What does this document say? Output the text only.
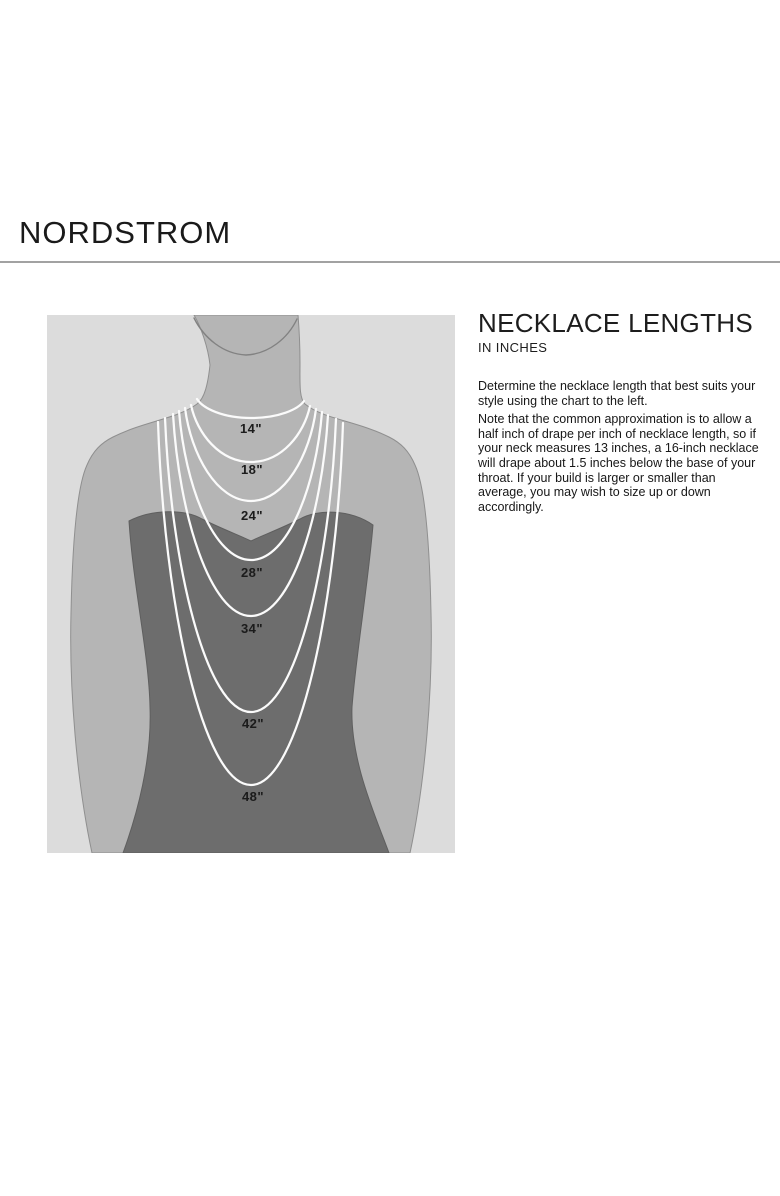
NORDSTROM
14"
18"
24"
28"
34"
42"
48"
NECKLACE LENGTHS
IN INCHES

Determine the necklace length that best suits your style using the chart to the left.

Note that the common approximation is to allow a half inch of drape per inch of necklace length, so if your neck measures 13 inches, a 16-inch necklace will drape about 1.5 inches below the base of your throat. If your build is larger or smaller than average, you may wish to size up or down accordingly.
